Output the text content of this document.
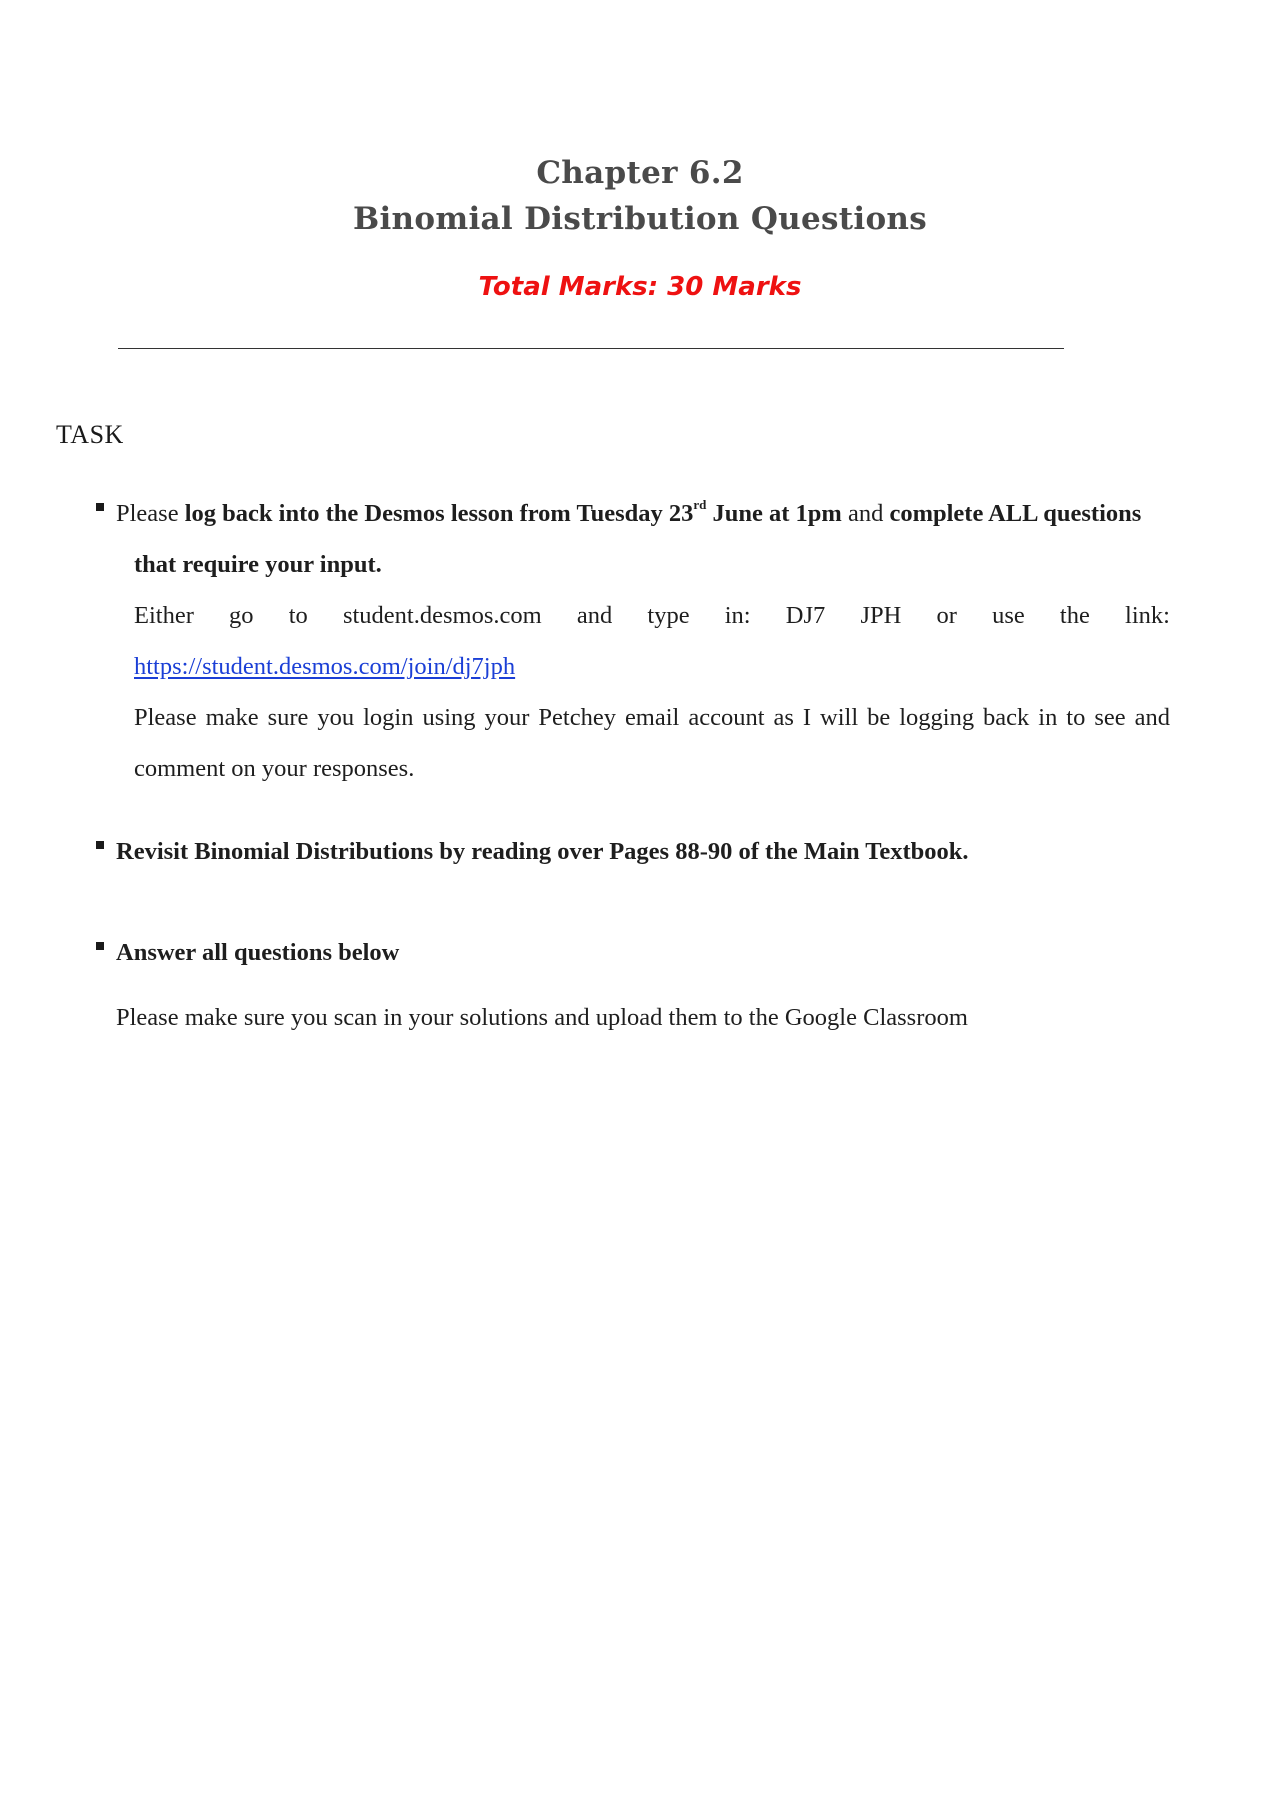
Chapter 6.2
Binomial Distribution Questions
Total Marks: 30 Marks
TASK
Please log back into the Desmos lesson from Tuesday 23rd June at 1pm and complete ALL questions
that require your input.
Either go to student.desmos.com and type in: DJ7 JPH or use the link:
https://student.desmos.com/join/dj7jph
Please make sure you login using your Petchey email account as I will be logging back in to see and
comment on your responses.
Revisit Binomial Distributions by reading over Pages 88-90 of the Main Textbook.
Answer all questions below
Please make sure you scan in your solutions and upload them to the Google Classroom
